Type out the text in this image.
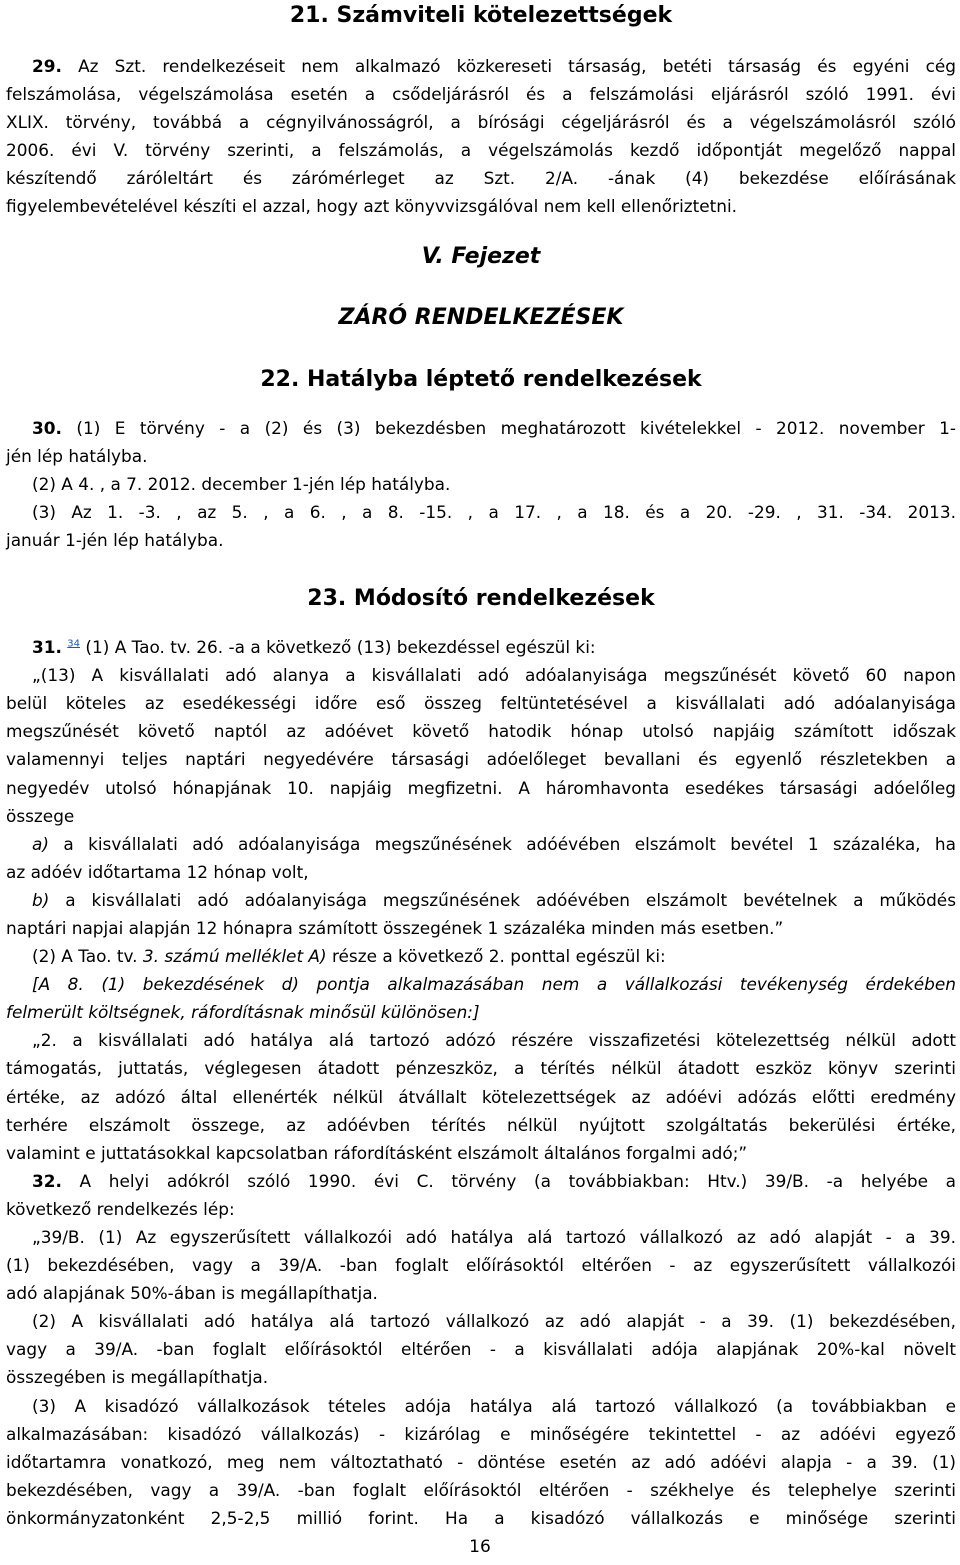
21. Számviteli kötelezettségek

29. Az Szt. rendelkezéseit nem alkalmazó közkereseti társaság, betéti társaság és egyéni cég

felszámolása, végelszámolása esetén a csődeljárásról és a felszámolási eljárásról szóló 1991. évi

XLIX. törvény, továbbá a cégnyilvánosságról, a bírósági cégeljárásról és a végelszámolásról szóló

2006. évi V. törvény szerinti, a felszámolás, a végelszámolás kezdő időpontját megelőző nappal

készítendő záróleltárt és zárómérleget az Szt. 2/A. -ának (4) bekezdése előírásának

figyelembevételével készíti el azzal, hogy azt könyvvizsgálóval nem kell ellenőriztetni.

V. Fejezet

ZÁRÓ RENDELKEZÉSEK

22. Hatályba léptető rendelkezések

30. (1) E törvény - a (2) és (3) bekezdésben meghatározott kivételekkel - 2012. november 1-

jén lép hatályba.

(2) A 4. , a 7. 2012. december 1-jén lép hatályba.

(3) Az 1. -3. , az 5. , a 6. , a 8. -15. , a 17. , a 18. és a 20. -29. , 31. -34. 2013.

január 1-jén lép hatályba.

23. Módosító rendelkezések

31. $^{34}$ (1) A Tao. tv. 26. -a a következő (13) bekezdéssel egészül ki:

„(13) A kisvállalati adó alanya a kisvállalati adó adóalanyisága megszűnését követő 60 napon

belül köteles az esedékességi időre eső összeg feltüntetésével a kisvállalati adó adóalanyisága

megszűnését követő naptól az adóévet követő hatodik hónap utolsó napjáig számított időszak

valamennyi teljes naptári negyedévére társasági adóelőleget bevallani és egyenlő részletekben a

negyedév utolsó hónapjának 10. napjáig megfizetni. A háromhavonta esedékes társasági adóelőleg

összege

a) a kisvállalati adó adóalanyisága megszűnésének adóévében elszámolt bevétel 1 százaléka, ha

az adóév időtartama 12 hónap volt,

b) a kisvállalati adó adóalanyisága megszűnésének adóévében elszámolt bevételnek a működés

naptári napjai alapján 12 hónapra számított összegének 1 százaléka minden más esetben.”

(2) A Tao. tv. 3. számú melléklet A) része a következő 2. ponttal egészül ki:

[A 8. (1) bekezdésének d) pontja alkalmazásában nem a vállalkozási tevékenység érdekében

felmerült költségnek, ráfordításnak minősül különösen:]

„2. a kisvállalati adó hatálya alá tartozó adózó részére visszafizetési kötelezettség nélkül adott

támogatás, juttatás, véglegesen átadott pénzeszköz, a térítés nélkül átadott eszköz könyv szerinti

értéke, az adózó által ellenérték nélkül átvállalt kötelezettségek az adóévi adózás előtti eredmény

terhére elszámolt összege, az adóévben térítés nélkül nyújtott szolgáltatás bekerülési értéke,

valamint e juttatásokkal kapcsolatban ráfordításként elszámolt általános forgalmi adó;”

32. A helyi adókról szóló 1990. évi C. törvény (a továbbiakban: Htv.) 39/B. -a helyébe a

következő rendelkezés lép:

„39/B. (1) Az egyszerűsített vállalkozói adó hatálya alá tartozó vállalkozó az adó alapját - a 39.

(1) bekezdésében, vagy a 39/A. -ban foglalt előírásoktól eltérően - az egyszerűsített vállalkozói

adó alapjának 50%-ában is megállapíthatja.

(2) A kisvállalati adó hatálya alá tartozó vállalkozó az adó alapját - a 39. (1) bekezdésében,

vagy a 39/A. -ban foglalt előírásoktól eltérően - a kisvállalati adója alapjának 20%-kal növelt

összegében is megállapíthatja.

(3) A kisadózó vállalkozások tételes adója hatálya alá tartozó vállalkozó (a továbbiakban e

alkalmazásában: kisadózó vállalkozás) - kizárólag e minőségére tekintettel - az adóévi egyező

időtartamra vonatkozó, meg nem változtatható - döntése esetén az adó adóévi alapja - a 39. (1)

bekezdésében, vagy a 39/A. -ban foglalt előírásoktól eltérően - székhelye és telephelye szerinti

önkormányzatonként 2,5-2,5 millió forint. Ha a kisadózó vállalkozás e minősége szerinti

16
